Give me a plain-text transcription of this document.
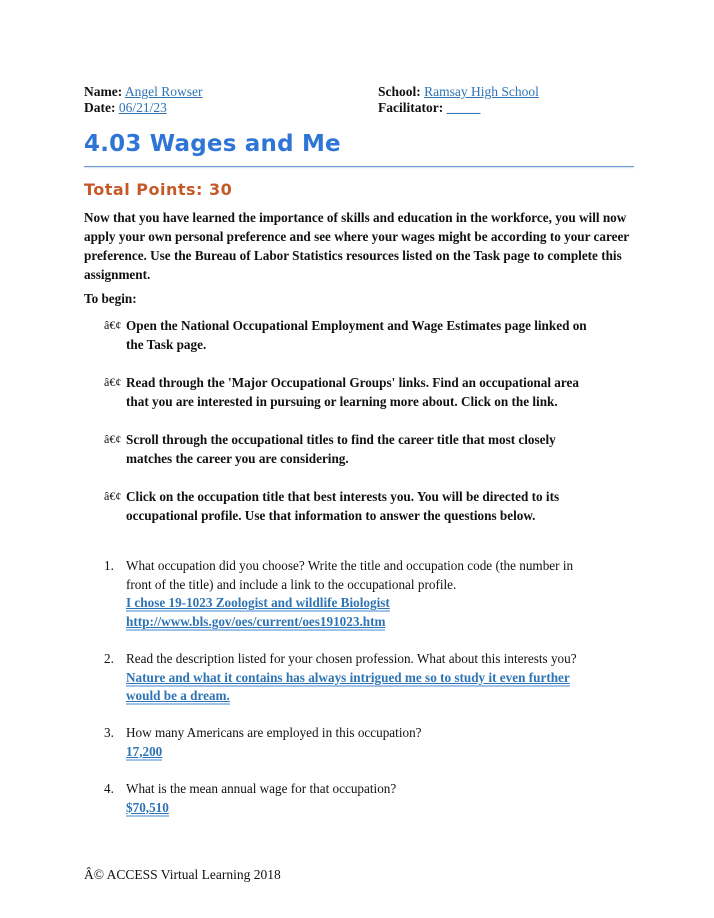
Name: Angel Rowser
Date: 06/21/23
School: Ramsay High School
Facilitator: _____
4.03 Wages and Me
Total Points: 30
Now that you have learned the importance of skills and education in the workforce, you will now apply your own personal preference and see where your wages might be according to your career preference. Use the Bureau of Labor Statistics resources listed on the Task page to complete this assignment.
To begin:
â€¢ Open the National Occupational Employment and Wage Estimates page linked on
the Task page.
â€¢ Read through the 'Major Occupational Groups' links. Find an occupational area
that you are interested in pursuing or learning more about. Click on the link.
â€¢ Scroll through the occupational titles to find the career title that most closely
matches the career you are considering.
â€¢ Click on the occupation title that best interests you. You will be directed to its
occupational profile. Use that information to answer the questions below.
1. What occupation did you choose? Write the title and occupation code (the number in
front of the title) and include a link to the occupational profile.
I chose 19-1023 Zoologist and wildlife Biologist
http://www.bls.gov/oes/current/oes191023.htm
2. Read the description listed for your chosen profession. What about this interests you?
Nature and what it contains has always intrigued me so to study it even further
would be a dream.
3. How many Americans are employed in this occupation?
17,200
4. What is the mean annual wage for that occupation?
$70,510
Â© ACCESS Virtual Learning 2018
